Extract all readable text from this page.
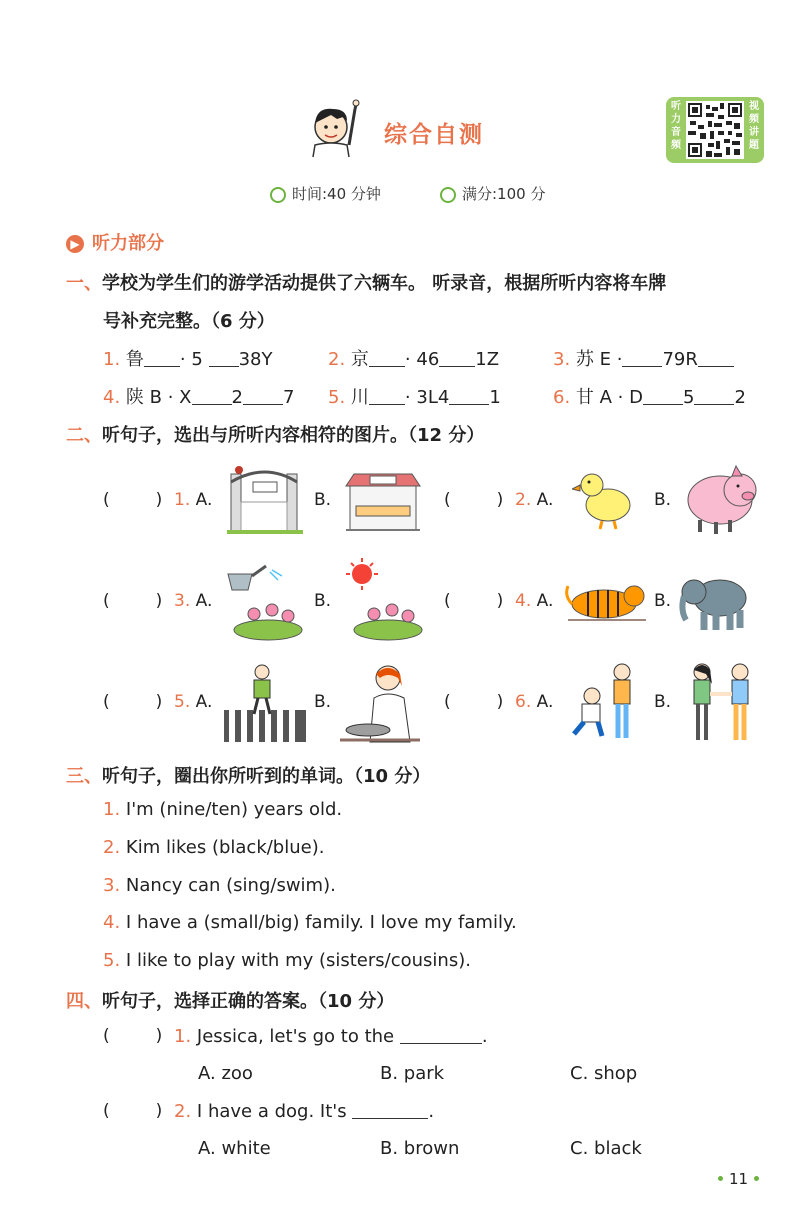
综合自测
听
力
音
频
视
频
讲
题
时间:40 分钟	满分:100 分
▶ 听力部分
一、学校为学生们的游学活动提供了六辆车。 听录音，根据所听内容将车牌
号补充完整。（6 分）
1. 鲁 · 5 38Y	2. 京 · 46 1Z	3. 苏 E · 79R
4. 陕 B · X 2 7 5. 川 · 3L4 1	6. 甘 A · D 5 2
二、听句子，选出与所听内容相符的图片。（12 分）
(	) 1. A.	B.	(	) 2. A.	B.
(	) 3. A.	B.	(	) 4. A.	B.
(	) 5. A.	B.	(	) 6. A.	B.
三、听句子，圈出你所听到的单词。（10 分）
1. I'm (nine/ten) years old.
2. Kim likes (black/blue).
3. Nancy can (sing/swim).
4. I have a (small/big) family. I love my family.
5. I like to play with my (sisters/cousins).
四、听句子，选择正确的答案。（10 分）
(	) 1. Jessica, let's go to the	.
A. zoo	B. park	C. shop
(	) 2. I have a dog. It's	.
A. white	B. brown	C. black
11
